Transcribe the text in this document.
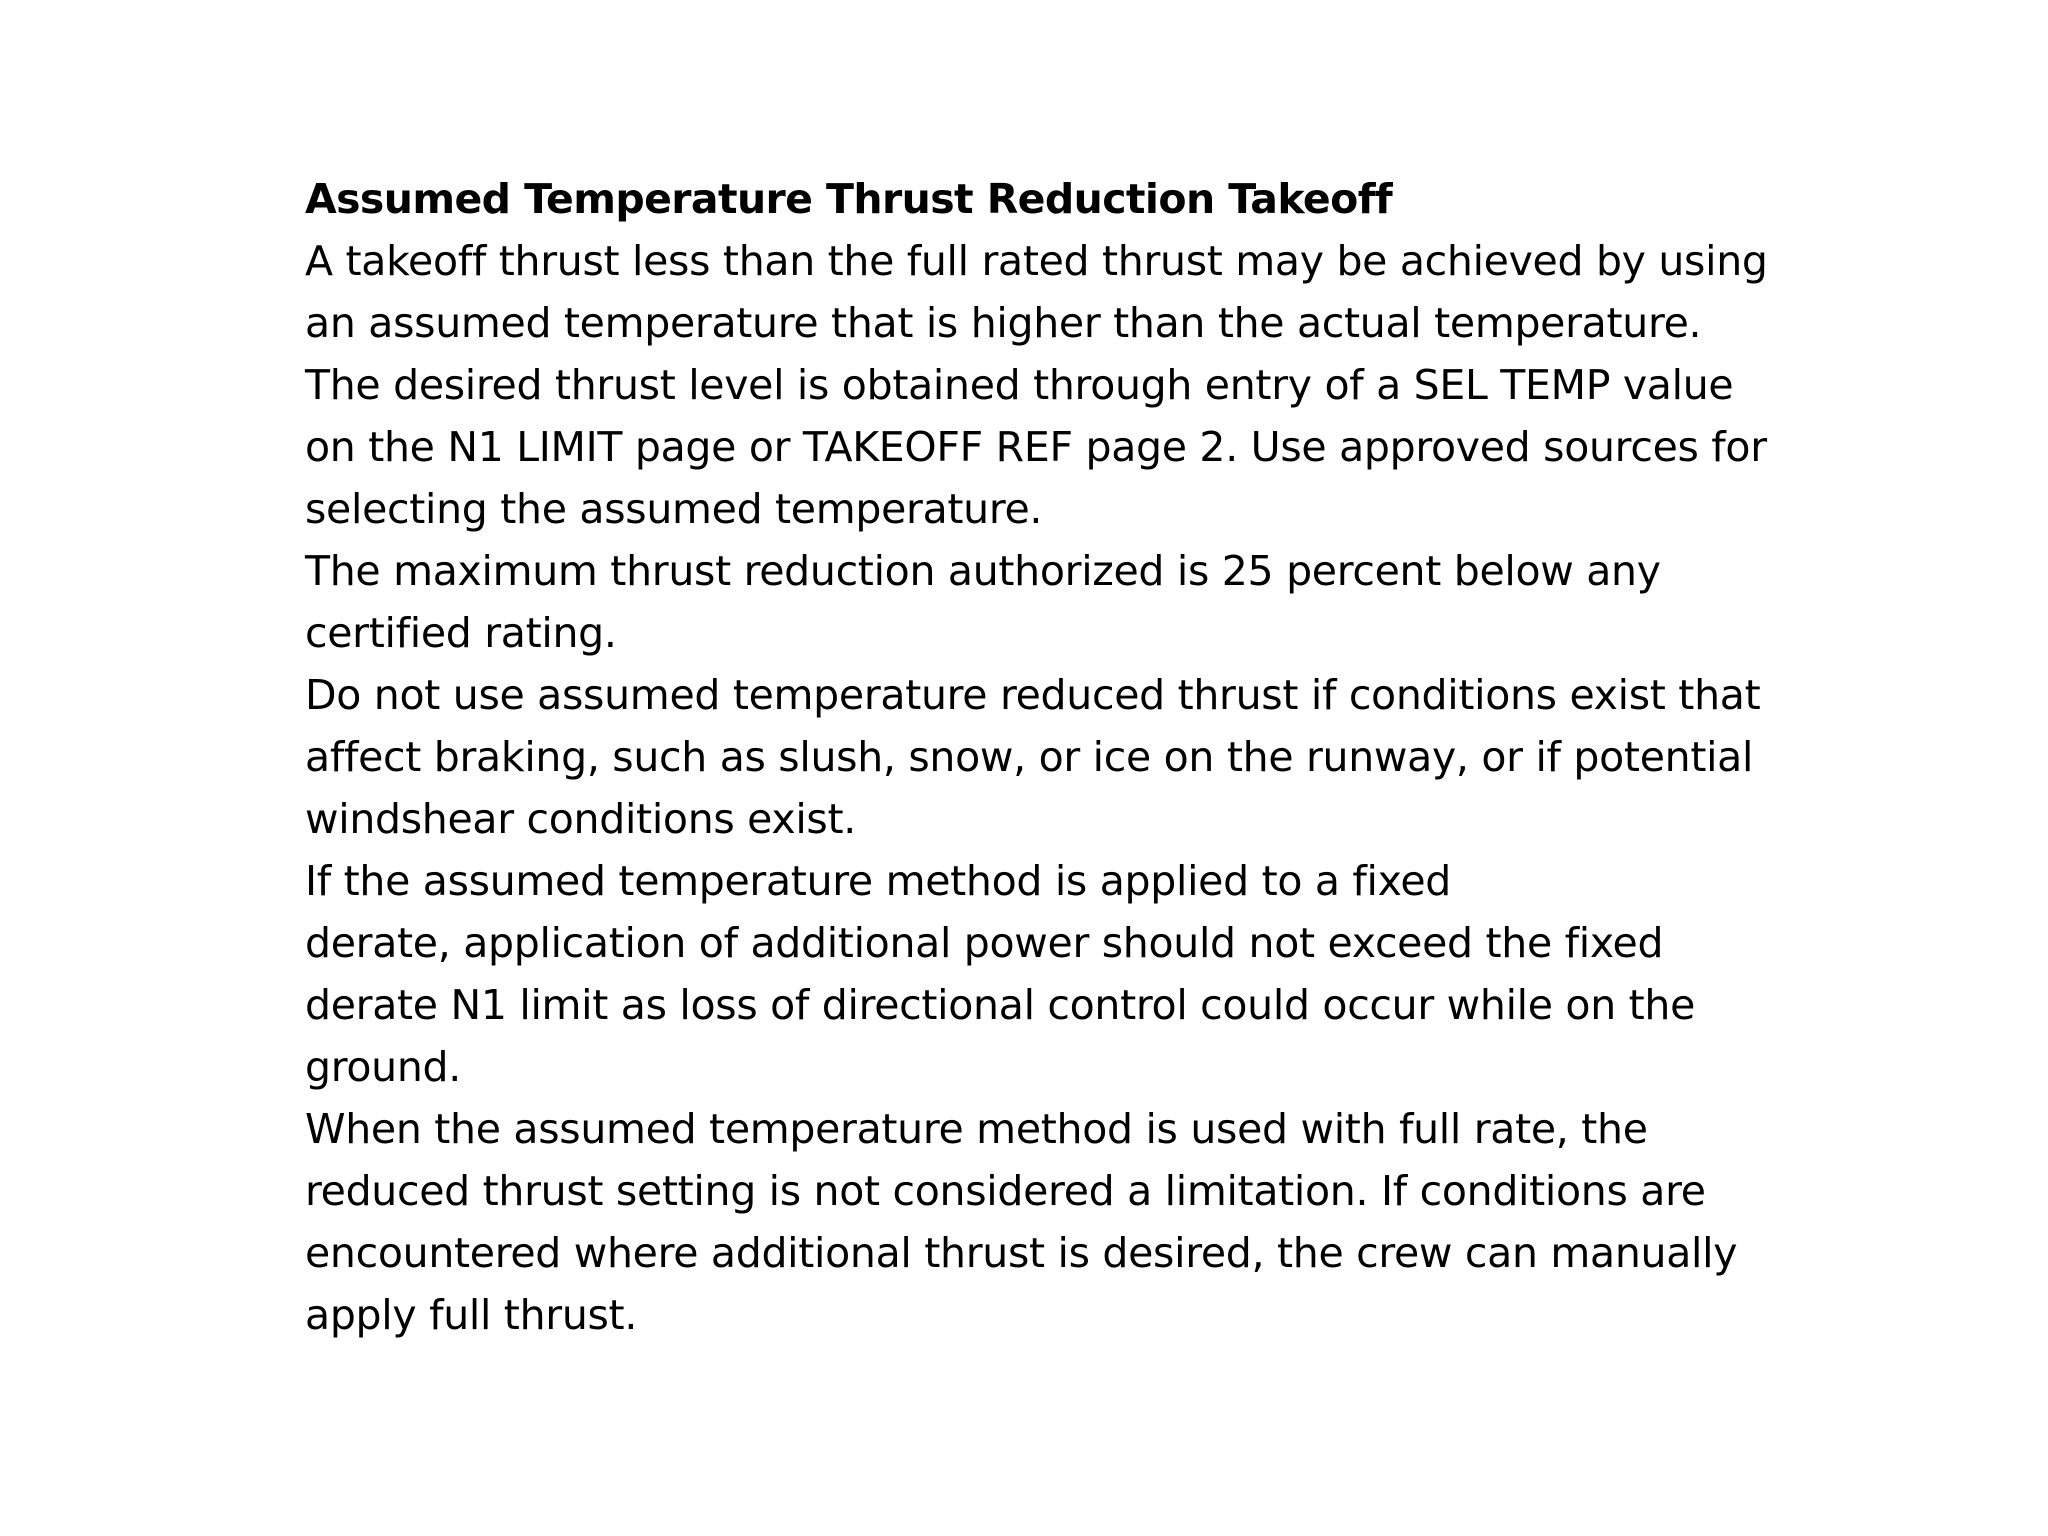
Assumed Temperature Thrust Reduction Takeoff
A takeoff thrust less than the full rated thrust may be achieved by using
an assumed temperature that is higher than the actual temperature.
The desired thrust level is obtained through entry of a SEL TEMP value
on the N1 LIMIT page or TAKEOFF REF page 2. Use approved sources for
selecting the assumed temperature.
The maximum thrust reduction authorized is 25 percent below any
certified rating.
Do not use assumed temperature reduced thrust if conditions exist that
affect braking, such as slush, snow, or ice on the runway, or if potential
windshear conditions exist.
If the assumed temperature method is applied to a fixed
derate, application of additional power should not exceed the fixed
derate N1 limit as loss of directional control could occur while on the
ground.
When the assumed temperature method is used with full rate, the
reduced thrust setting is not considered a limitation. If conditions are
encountered where additional thrust is desired, the crew can manually
apply full thrust.
